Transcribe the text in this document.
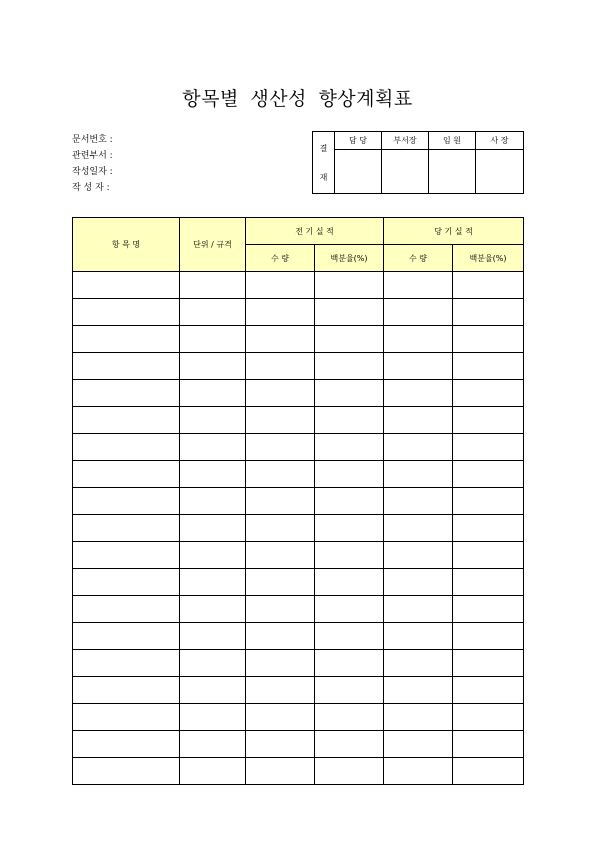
항목별 생산성 향상계획표
문서번호 :
관련부서 :
작성일자 :
작 성 자 :
결
재	담 당	부서장	임 원	사 장

항 목 명	단위 / 규격	전 기 실 적		당 기 실 적	
		수 량	백분율(%)	수 량	백분율(%)
